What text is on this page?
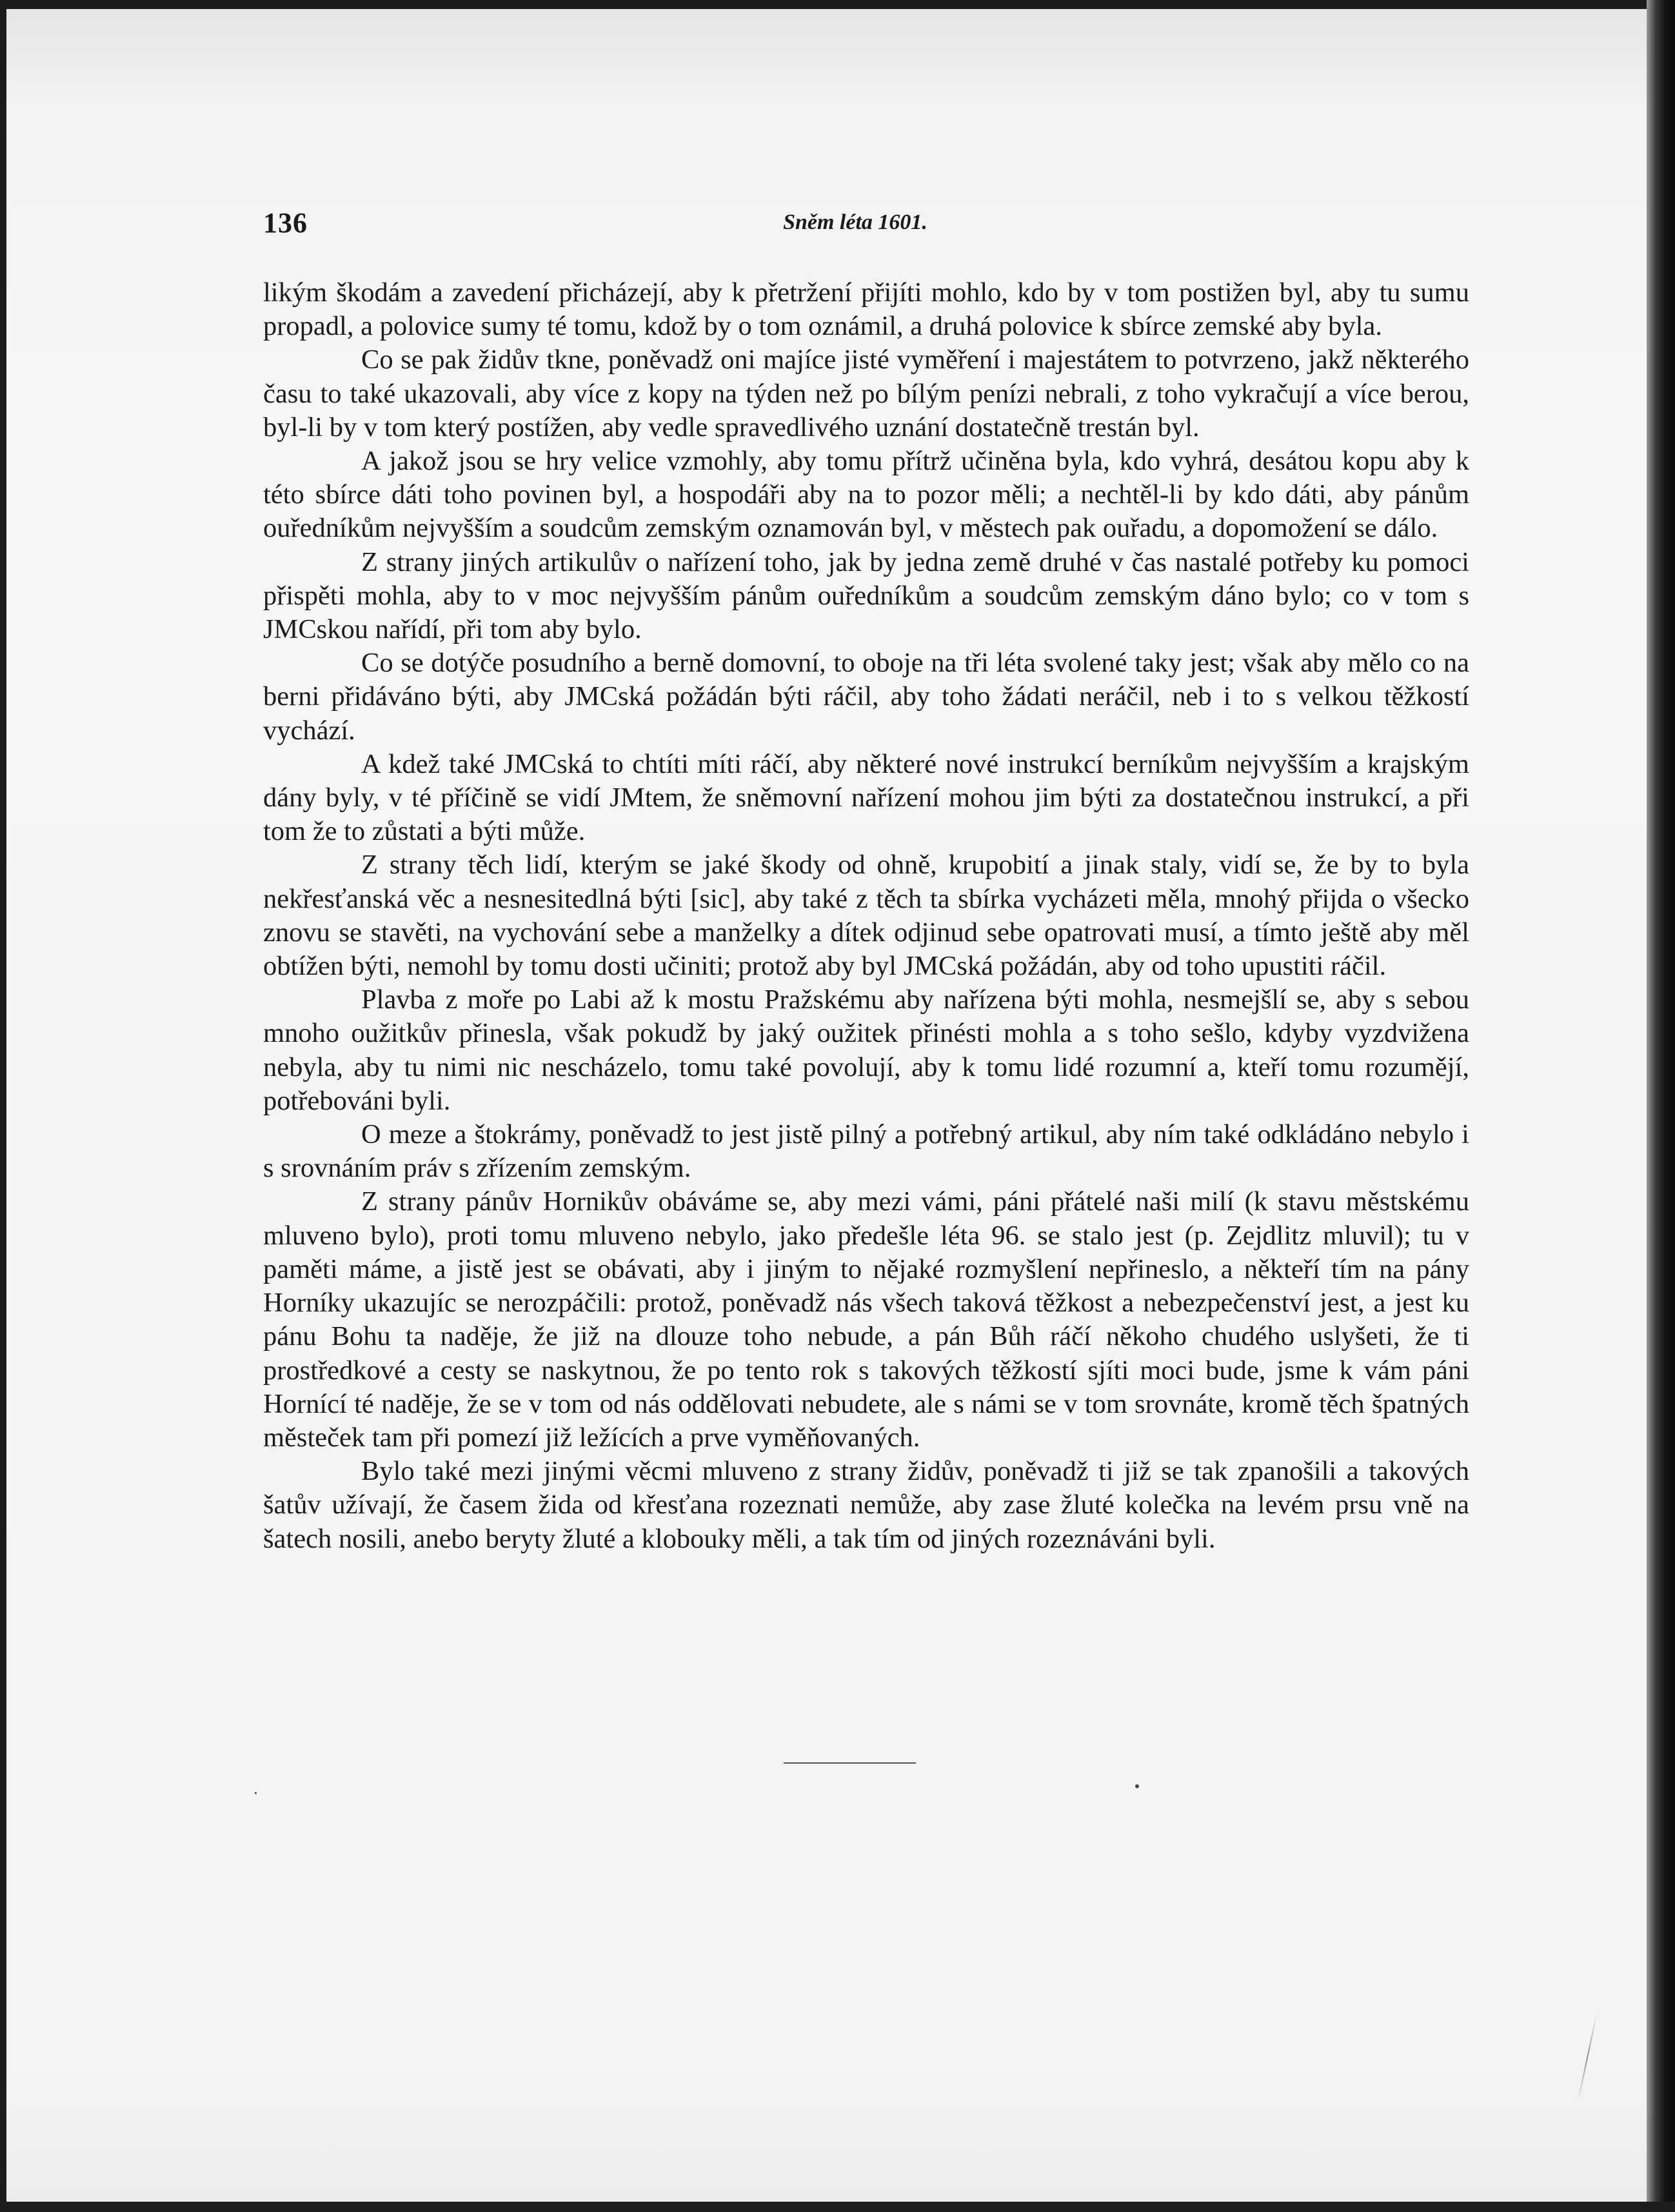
136	Sněm léta 1601.

likým škodám a zavedení přicházejí, aby k přetržení přijíti mohlo, kdo by v tom postižen byl, aby tu sumu propadl, a polovice sumy té tomu, kdož by o tom oznámil, a druhá polovice k sbírce zemské aby byla.

Co se pak židův tkne, poněvadž oni majíce jisté vyměření i majestátem to potvrzeno, jakž některého času to také ukazovali, aby více z kopy na týden než po bílým penízi nebrali, z toho vykračují a více berou, byl-li by v tom který postížen, aby vedle spravedlivého uznání dostatečně trestán byl.

A jakož jsou se hry velice vzmohly, aby tomu přítrž učiněna byla, kdo vyhrá, desátou kopu aby k této sbírce dáti toho povinen byl, a hospodáři aby na to pozor měli; a nechtěl-li by kdo dáti, aby pánům ouředníkům nejvyšším a soudcům zemským oznamován byl, v městech pak ouřadu, a dopomožení se dálo.

Z strany jiných artikulův o nařízení toho, jak by jedna země druhé v čas nastalé potřeby ku pomoci přispěti mohla, aby to v moc nejvyšším pánům ouředníkům a soudcům zemským dáno bylo; co v tom s JMCskou nařídí, při tom aby bylo.

Co se dotýče posudního a berně domovní, to oboje na tři léta svolené taky jest; však aby mělo co na berni přidáváno býti, aby JMCská požádán býti ráčil, aby toho žádati neráčil, neb i to s velkou těžkostí vychází.

A kdež také JMCská to chtíti míti ráčí, aby některé nové instrukcí berníkům nejvyšším a krajským dány byly, v té příčině se vidí JMtem, že sněmovní nařízení mohou jim býti za dostatečnou instrukcí, a při tom že to zůstati a býti může.

Z strany těch lidí, kterým se jaké škody od ohně, krupobití a jinak staly, vidí se, že by to byla nekřesťanská věc a nesnesitedlná býti [sic], aby také z těch ta sbírka vycházeti měla, mnohý přijda o všecko znovu se stavěti, na vychování sebe a manželky a dítek odjinud sebe opatrovati musí, a tímto ještě aby měl obtížen býti, nemohl by tomu dosti učiniti; protož aby byl JMCská požádán, aby od toho upustiti ráčil.

Plavba z moře po Labi až k mostu Pražskému aby nařízena býti mohla, nesmejšlí se, aby s sebou mnoho oužitkův přinesla, však pokudž by jaký oužitek přinésti mohla a s toho sešlo, kdyby vyzdvižena nebyla, aby tu nimi nic nescházelo, tomu také povolují, aby k tomu lidé rozumní a, kteří tomu rozumějí, potřebováni byli.

O meze a štokrámy, poněvadž to jest jistě pilný a potřebný artikul, aby ním také odkládáno nebylo i s srovnáním práv s zřízením zemským.

Z strany pánův Hornikův obáváme se, aby mezi vámi, páni přátelé naši milí (k stavu městskému mluveno bylo), proti tomu mluveno nebylo, jako předešle léta 96. se stalo jest (p. Zejdlitz mluvil); tu v paměti máme, a jistě jest se obávati, aby i jiným to nějaké rozmyšlení nepřineslo, a někteří tím na pány Horníky ukazujíc se nerozpáčili: protož, poněvadž nás všech taková těžkost a nebezpečenství jest, a jest ku pánu Bohu ta naděje, že již na dlouze toho nebude, a pán Bůh ráčí někoho chudého uslyšeti, že ti prostředkové a cesty se naskytnou, že po tento rok s takových těžkostí sjíti moci bude, jsme k vám páni Hornící té naděje, že se v tom od nás oddělovati nebudete, ale s námi se v tom srovnáte, kromě těch špatných městeček tam při pomezí již ležících a prve vyměňovaných.

Bylo také mezi jinými věcmi mluveno z strany židův, poněvadž ti již se tak zpanošili a takových šatův užívají, že časem žida od křesťana rozeznati nemůže, aby zase žluté kolečka na levém prsu vně na šatech nosili, anebo beryty žluté a klobouky měli, a tak tím od jiných rozeznáváni byli.
